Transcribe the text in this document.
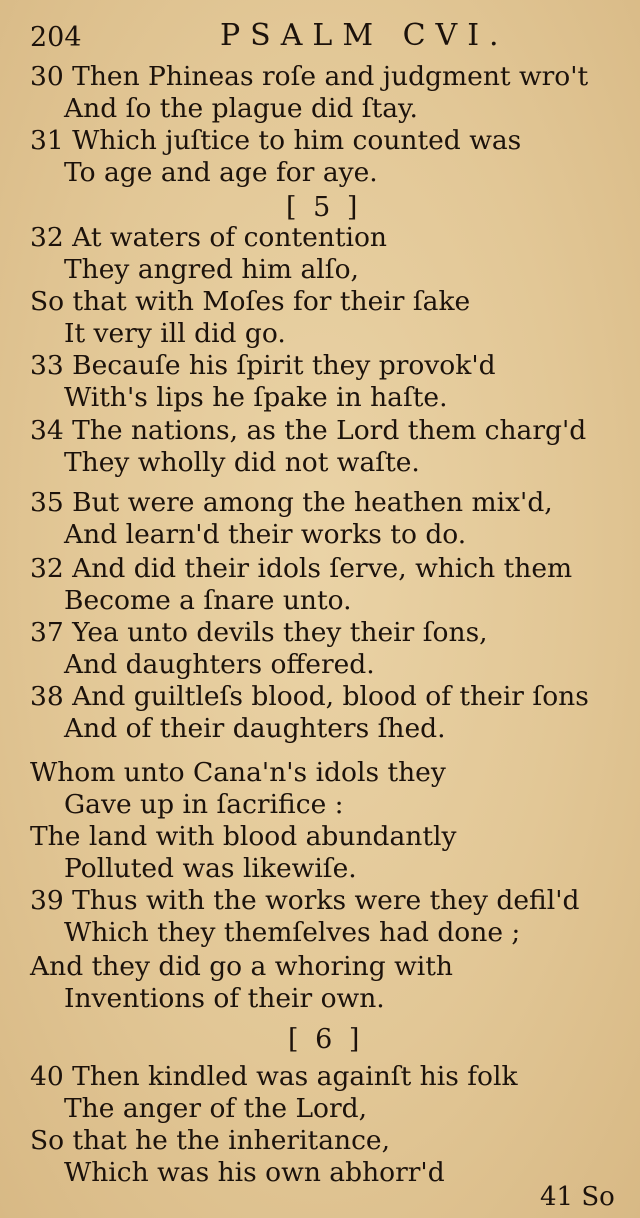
204	PSALM CVI.
30 Then Phineas roſe and judgment wro't
And ſo the plague did ſtay.
31 Which juſtice to him counted was
To age and age for aye.
[ 5 ]
32 At waters of contention
They angred him alſo,
So that with Moſes for their ſake
It very ill did go.
33 Becauſe his ſpirit they provok'd
With's lips he ſpake in haſte.
34 The nations, as the Lord them charg'd
They wholly did not waſte.
35 But were among the heathen mix'd,
And learn'd their works to do.
32 And did their idols ſerve, which them
Become a ſnare unto.
37 Yea unto devils they their ſons,
And daughters offered.
38 And guiltleſs blood, blood of their ſons
And of their daughters ſhed.
Whom unto Cana'n's idols they
Gave up in ſacrifice :
The land with blood abundantly
Polluted was likewiſe.
39 Thus with the works were they defil'd
Which they themſelves had done ;
And they did go a whoring with
Inventions of their own.
[ 6 ]
40 Then kindled was againſt his folk
The anger of the Lord,
So that he the inheritance,
Which was his own abhorr'd
41 So
